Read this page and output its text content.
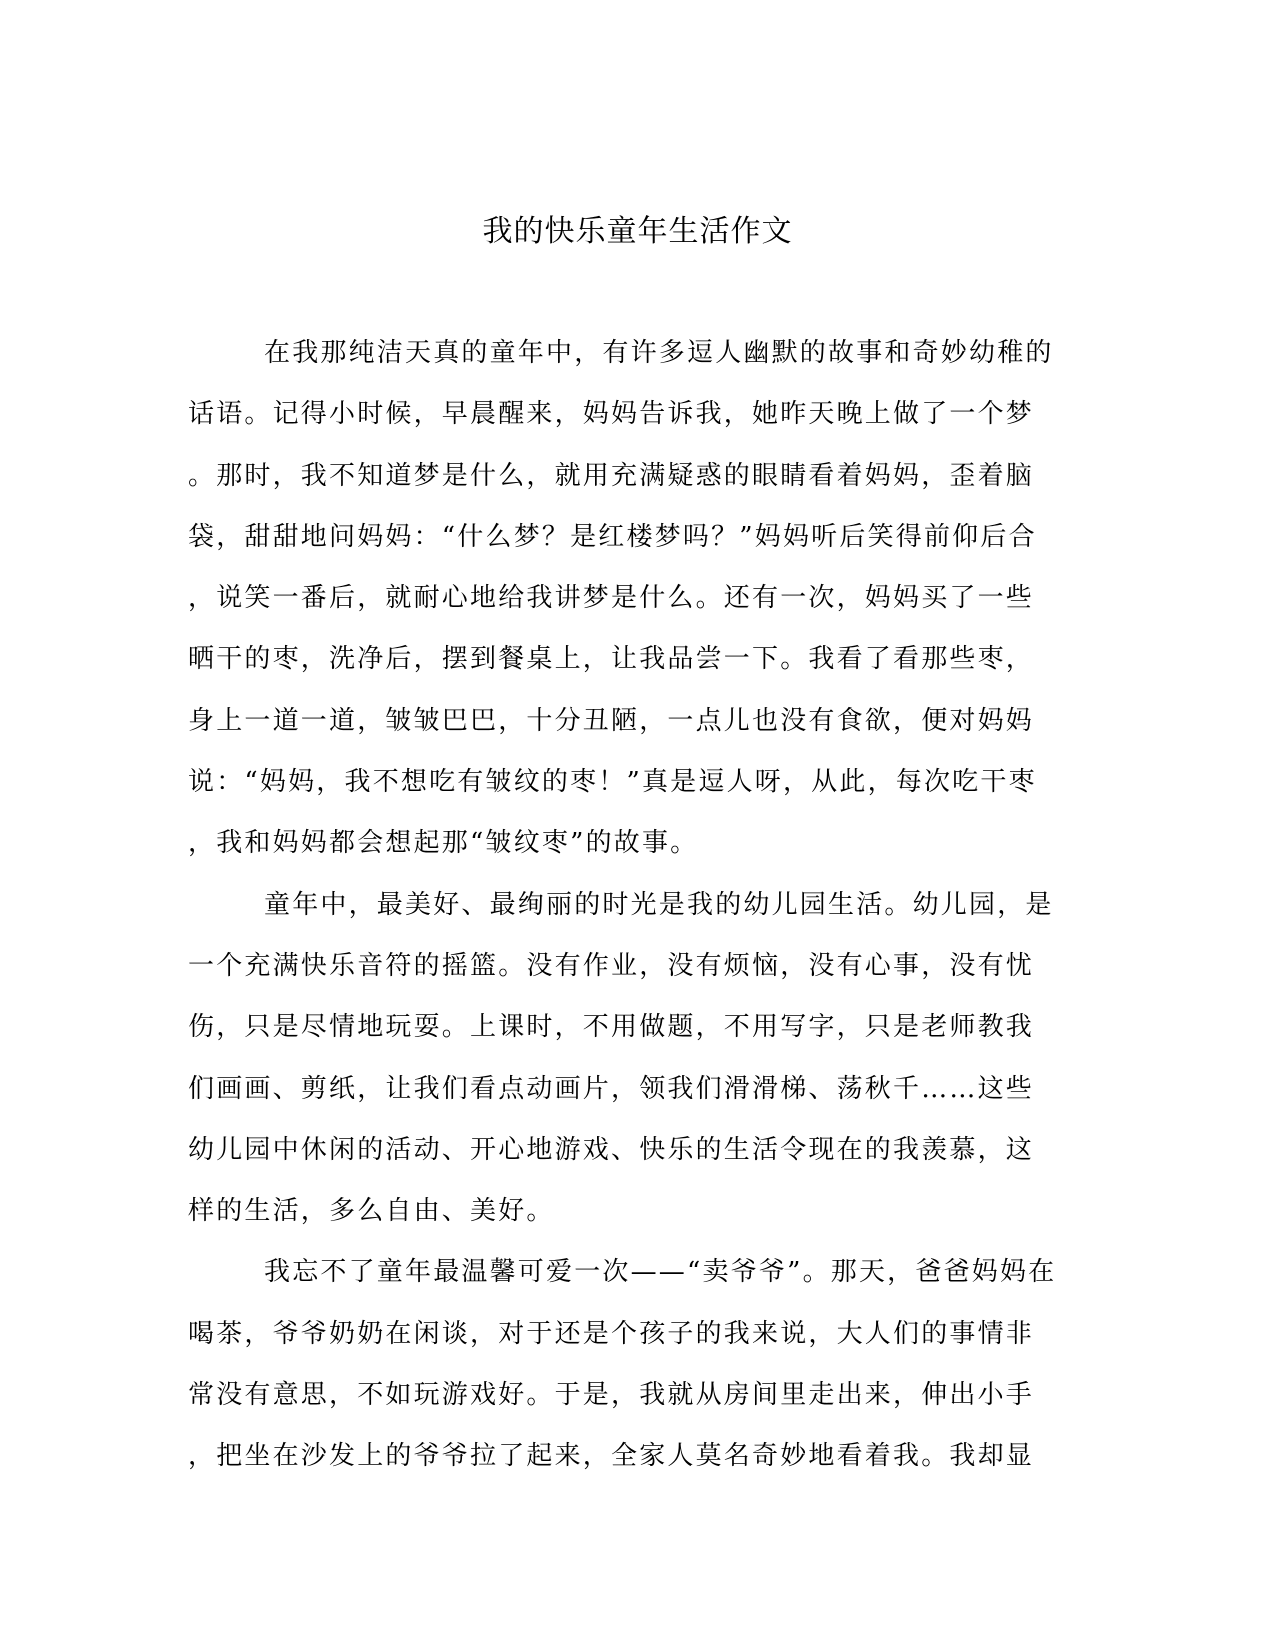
我的快乐童年生活作文
在我那纯洁天真的童年中，有许多逗人幽默的故事和奇妙幼稚的
话语。记得小时候，早晨醒来，妈妈告诉我，她昨天晚上做了一个梦
。那时，我不知道梦是什么，就用充满疑惑的眼睛看着妈妈，歪着脑
袋，甜甜地问妈妈：“什么梦？是红楼梦吗？”妈妈听后笑得前仰后合
，说笑一番后，就耐心地给我讲梦是什么。还有一次，妈妈买了一些
晒干的枣，洗净后，摆到餐桌上，让我品尝一下。我看了看那些枣，
身上一道一道，皱皱巴巴，十分丑陋，一点儿也没有食欲，便对妈妈
说：“妈妈，我不想吃有皱纹的枣！”真是逗人呀，从此，每次吃干枣
，我和妈妈都会想起那“皱纹枣”的故事。
童年中，最美好、最绚丽的时光是我的幼儿园生活。幼儿园，是
一个充满快乐音符的摇篮。没有作业，没有烦恼，没有心事，没有忧
伤，只是尽情地玩耍。上课时，不用做题，不用写字，只是老师教我
们画画、剪纸，让我们看点动画片，领我们滑滑梯、荡秋千……这些
幼儿园中休闲的活动、开心地游戏、快乐的生活令现在的我羡慕，这
样的生活，多么自由、美好。
我忘不了童年最温馨可爱一次——“卖爷爷”。那天，爸爸妈妈在
喝茶，爷爷奶奶在闲谈，对于还是个孩子的我来说，大人们的事情非
常没有意思，不如玩游戏好。于是，我就从房间里走出来，伸出小手
，把坐在沙发上的爷爷拉了起来，全家人莫名奇妙地看着我。我却显
